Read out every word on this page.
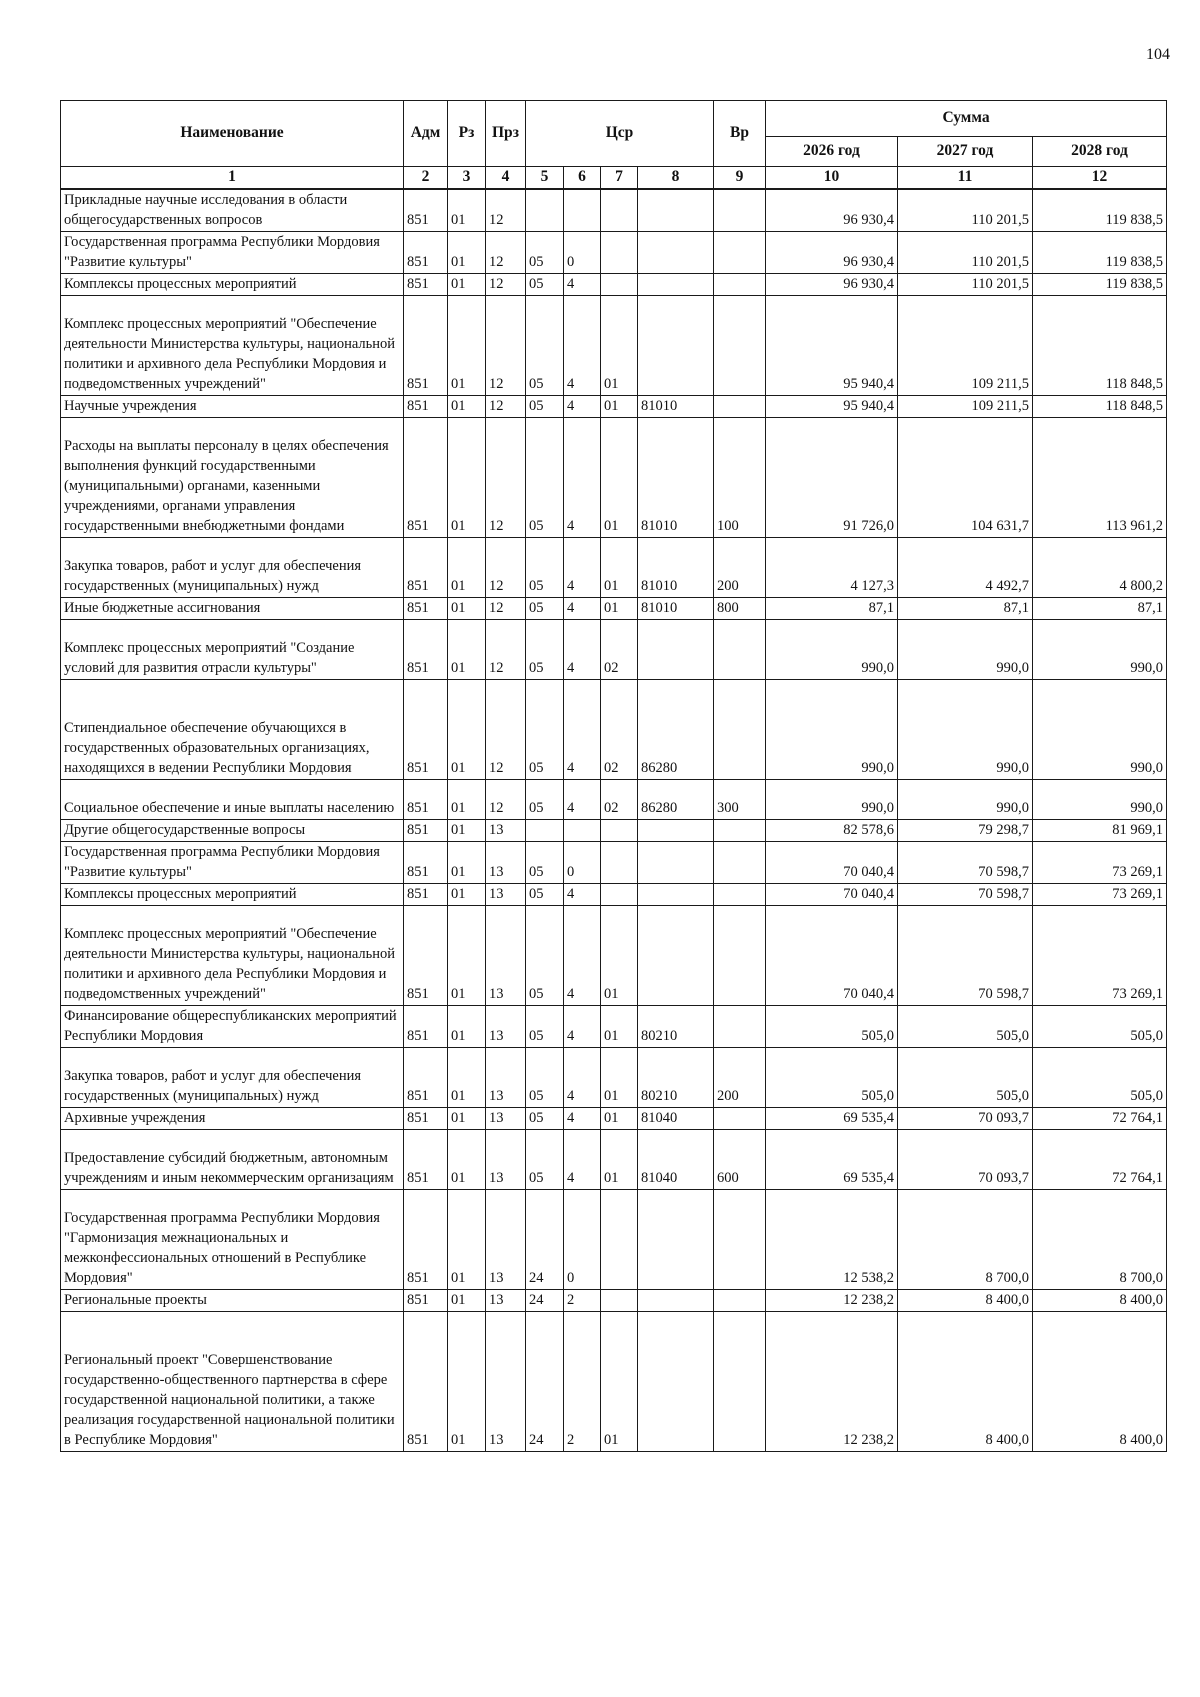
104
Наименование	Адм	Рз	Прз	Цср				Вр	Сумма		
									2026 год	2027 год	2028 год
1	2	3	4	5	6	7	8	9	10	11	12
Прикладные научные исследования в области общегосударственных вопросов	851	01	12						96 930,4	110 201,5	119 838,5
Государственная программа Республики Мордовия "Развитие культуры"	851	01	12	05	0				96 930,4	110 201,5	119 838,5
Комплексы процессных мероприятий	851	01	12	05	4				96 930,4	110 201,5	119 838,5
Комплекс процессных мероприятий "Обеспечение деятельности Министерства культуры, национальной политики и архивного дела Республики Мордовия и подведомственных учреждений"	851	01	12	05	4	01			95 940,4	109 211,5	118 848,5
Научные учреждения	851	01	12	05	4	01	81010		95 940,4	109 211,5	118 848,5
Расходы на выплаты персоналу в целях обеспечения выполнения функций государственными (муниципальными) органами, казенными учреждениями, органами управления государственными внебюджетными фондами	851	01	12	05	4	01	81010	100	91 726,0	104 631,7	113 961,2
Закупка товаров, работ и услуг для обеспечения государственных (муниципальных) нужд	851	01	12	05	4	01	81010	200	4 127,3	4 492,7	4 800,2
Иные бюджетные ассигнования	851	01	12	05	4	01	81010	800	87,1	87,1	87,1
Комплекс процессных мероприятий "Создание условий для развития отрасли культуры"	851	01	12	05	4	02			990,0	990,0	990,0
Стипендиальное обеспечение обучающихся в государственных образовательных организациях, находящихся в ведении Республики Мордовия	851	01	12	05	4	02	86280		990,0	990,0	990,0
Социальное обеспечение и иные выплаты населению	851	01	12	05	4	02	86280	300	990,0	990,0	990,0
Другие общегосударственные вопросы	851	01	13						82 578,6	79 298,7	81 969,1
Государственная программа Республики Мордовия "Развитие культуры"	851	01	13	05	0				70 040,4	70 598,7	73 269,1
Комплексы процессных мероприятий	851	01	13	05	4				70 040,4	70 598,7	73 269,1
Комплекс процессных мероприятий "Обеспечение деятельности Министерства культуры, национальной политики и архивного дела Республики Мордовия и подведомственных учреждений"	851	01	13	05	4	01			70 040,4	70 598,7	73 269,1
Финансирование общереспубликанских мероприятий Республики Мордовия	851	01	13	05	4	01	80210		505,0	505,0	505,0
Закупка товаров, работ и услуг для обеспечения государственных (муниципальных) нужд	851	01	13	05	4	01	80210	200	505,0	505,0	505,0
Архивные учреждения	851	01	13	05	4	01	81040		69 535,4	70 093,7	72 764,1
Предоставление субсидий бюджетным, автономным учреждениям и иным некоммерческим организациям	851	01	13	05	4	01	81040	600	69 535,4	70 093,7	72 764,1
Государственная программа Республики Мордовия "Гармонизация межнациональных и межконфессиональных отношений в Республике Мордовия"	851	01	13	24	0				12 538,2	8 700,0	8 700,0
Региональные проекты	851	01	13	24	2				12 238,2	8 400,0	8 400,0
Региональный проект "Совершенствование государственно-общественного партнерства в сфере государственной национальной политики, а также реализация государственной национальной политики в Республике Мордовия"	851	01	13	24	2	01			12 238,2	8 400,0	8 400,0
